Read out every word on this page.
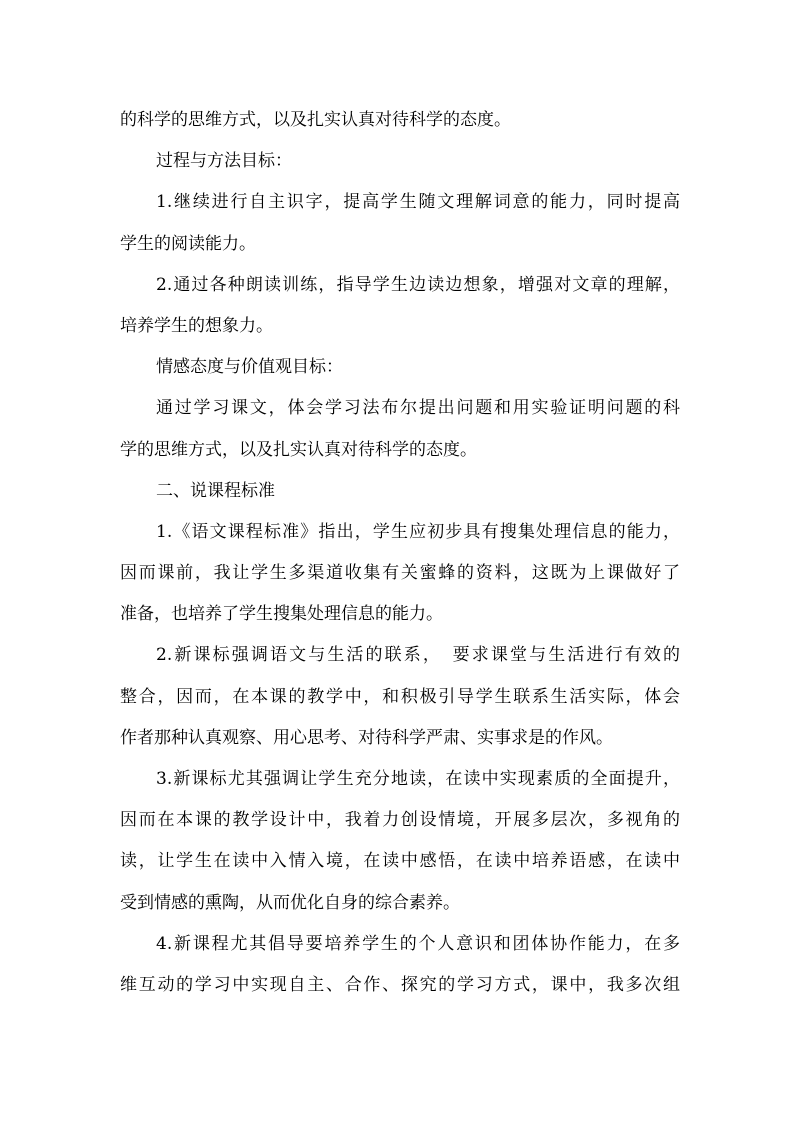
的科学的思维方式，以及扎实认真对待科学的态度。
过程与方法目标：
1.继续进行自主识字，提高学生随文理解词意的能力，同时提高
学生的阅读能力。
2.通过各种朗读训练，指导学生边读边想象，增强对文章的理解，
培养学生的想象力。
情感态度与价值观目标：
通过学习课文，体会学习法布尔提出问题和用实验证明问题的科
学的思维方式，以及扎实认真对待科学的态度。
二、说课程标准
1.《语文课程标准》指出，学生应初步具有搜集处理信息的能力，
因而课前，我让学生多渠道收集有关蜜蜂的资料，这既为上课做好了
准备，也培养了学生搜集处理信息的能力。
2.新课标强调语文与生活的联系，　要求课堂与生活进行有效的
整合，因而，在本课的教学中，和积极引导学生联系生活实际，体会
作者那种认真观察、用心思考、对待科学严肃、实事求是的作风。
3.新课标尤其强调让学生充分地读，在读中实现素质的全面提升，
因而在本课的教学设计中，我着力创设情境，开展多层次，多视角的
读，让学生在读中入情入境，在读中感悟，在读中培养语感，在读中
受到情感的熏陶，从而优化自身的综合素养。
4.新课程尤其倡导要培养学生的个人意识和团体协作能力，在多
维互动的学习中实现自主、合作、探究的学习方式，课中，我多次组
